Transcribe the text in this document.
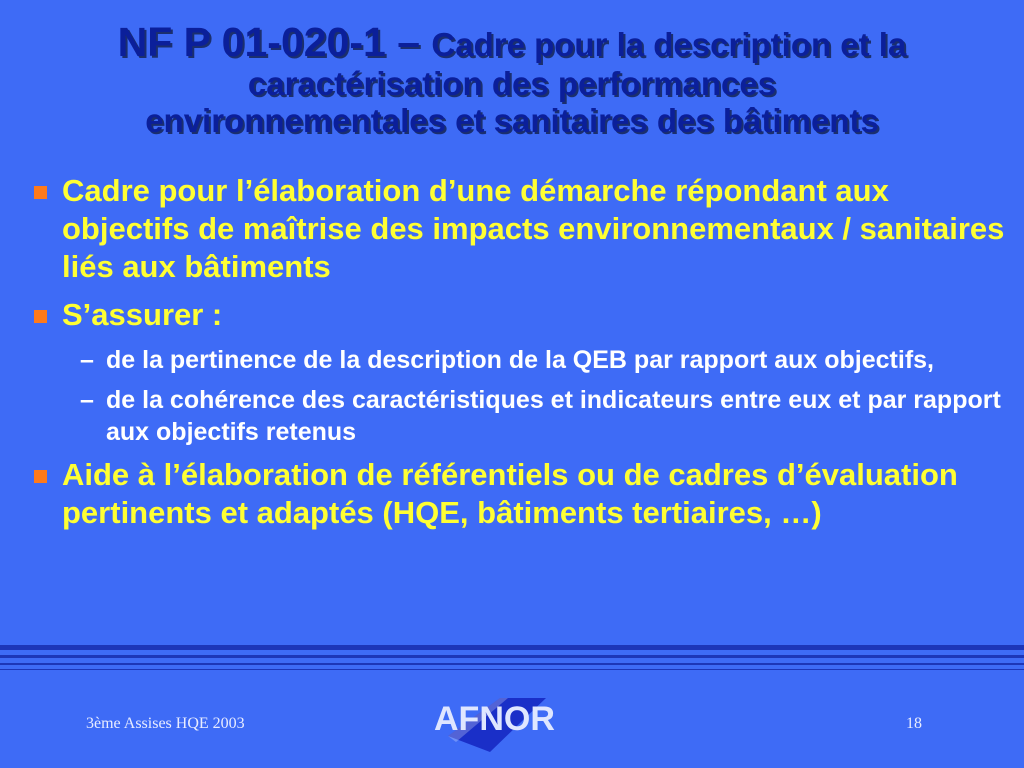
NF P 01-020-1 – Cadre pour la description et la
caractérisation des performances
environnementales et sanitaires des bâtiments
Cadre pour l’élaboration d’une démarche répondant aux objectifs de maîtrise des impacts environnementaux / sanitaires liés aux bâtiments
S’assurer :
– de la pertinence de la description de la QEB par rapport aux objectifs,
– de la cohérence des caractéristiques et indicateurs entre eux et par rapport aux objectifs retenus
Aide à l’élaboration de référentiels ou de cadres d’évaluation pertinents et adaptés (HQE, bâtiments tertiaires, …)
3ème Assises HQE 2003	AFNOR	18
